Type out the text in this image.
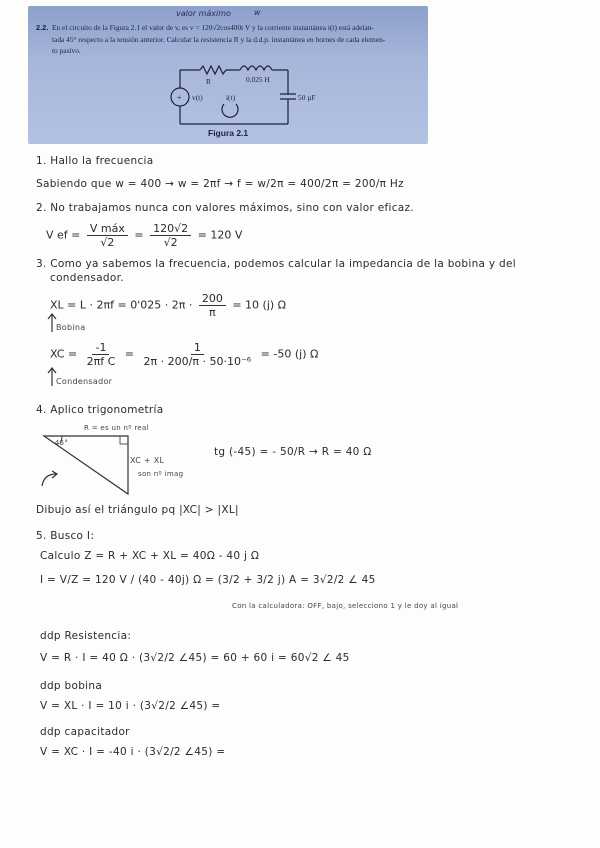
valor máximo	w
2.2. En el circuito de la Figura 2.1 el valor de v, es v = 120√2cos400t V y la corriente instantánea i(t) está adelan-
tada 45° respecto a la tensión anterior. Calcular la resistencia R y la d.d.p. instantánea en bornes de cada elemen-
to pasivo.
+
R	0,025 H
50 µF
v(t)	i(t)
Figura 2.1
1. Hallo la frecuencia
Sabiendo que w = 400 → w = 2πf → f = w/2π = 400/2π = 200/π Hz
2. No trabajamos nunca con valores máximos, sino con valor eficaz.
V ef = $\frac{\text{V máx}}{√2} = \frac{120√2}{√2} = 120$ V
3. Como ya sabemos la frecuencia, podemos calcular la impedancia de la bobina y del
condensador.
XL = $L \cdot 2\pi f = 0'025 \cdot 2\pi \cdot \frac{200}{\pi} = 10$ (j) Ω
Bobina
XC = $\frac{-1}{\text{2πf C}} = \frac{1}{\text{2π · 200/π · 50·10⁻⁶}} = -50$ (j) Ω
Condensador
4. Aplico trigonometría
R = es un nº real
-45°
XC + XL
son nº imag
tg (-45) = - 50/R → R = 40 Ω
Dibujo así el triángulo pq |XC| > |XL|
5. Busco I:
Calculo Z = R + XC + XL = 40Ω - 40 j Ω
I = V/Z = 120 V / (40 - 40j) Ω = (3/2 + 3/2 j) A = 3√2/2 ∠ 45
Con la calculadora: OFF, bajo, selecciono 1 y le doy al igual
ddp Resistencia:
V = R · I = 40 Ω · (3√2/2 ∠45) = 60 + 60 i = 60√2 ∠ 45
ddp bobina
V = XL · I = 10 i · (3√2/2 ∠45) =
ddp capacitador
V = XC · I = -40 i · (3√2/2 ∠45) =
